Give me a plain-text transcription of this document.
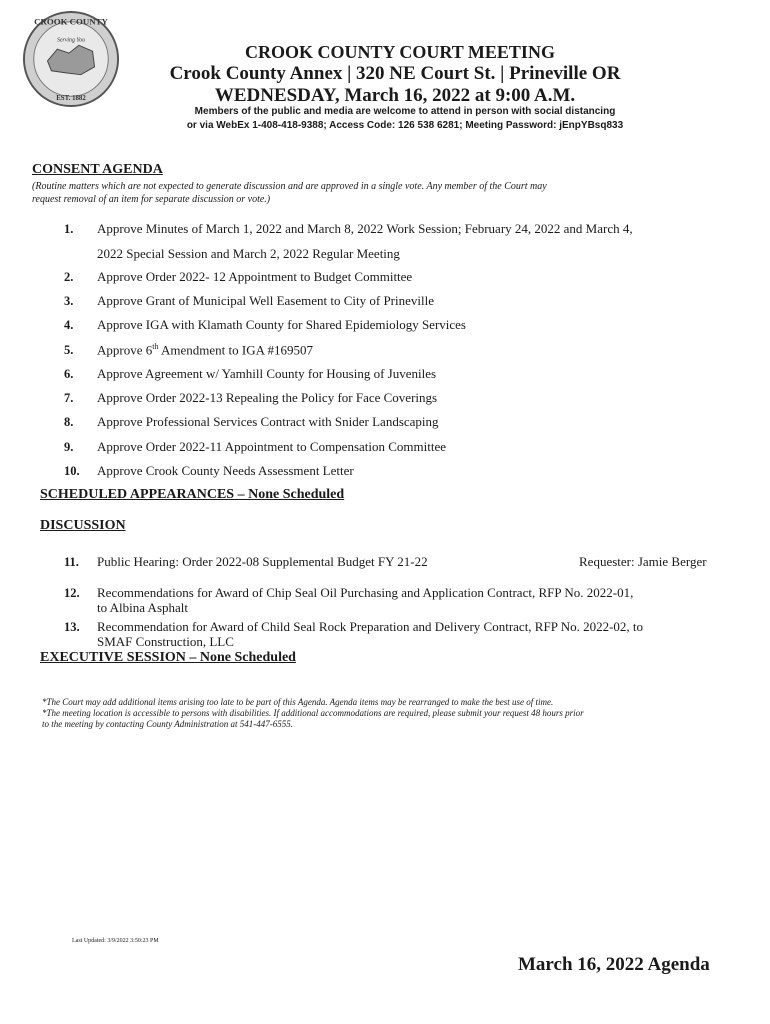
CROOK COUNTY
Serving You
EST. 1882
CROOK COUNTY COURT MEETING
Crook County Annex | 320 NE Court St. | Prineville OR
WEDNESDAY, March 16, 2022 at 9:00 A.M.
Members of the public and media are welcome to attend in person with social distancing
or via WebEx 1-408-418-9388; Access Code: 126 538 6281; Meeting Password: jEnpYBsq833
CONSENT AGENDA
(Routine matters which are not expected to generate discussion and are approved in a single vote. Any member of the Court may
request removal of an item for separate discussion or vote.)
1. Approve Minutes of March 1, 2022 and March 8, 2022 Work Session; February 24, 2022 and March 4,
2022 Special Session and March 2, 2022 Regular Meeting
2. Approve Order 2022- 12 Appointment to Budget Committee
3. Approve Grant of Municipal Well Easement to City of Prineville
4. Approve IGA with Klamath County for Shared Epidemiology Services
5. Approve 6th Amendment to IGA #169507
6. Approve Agreement w/ Yamhill County for Housing of Juveniles
7. Approve Order 2022-13 Repealing the Policy for Face Coverings
8. Approve Professional Services Contract with Snider Landscaping
9. Approve Order 2022-11 Appointment to Compensation Committee
10. Approve Crook County Needs Assessment Letter
SCHEDULED APPEARANCES – None Scheduled
DISCUSSION
11. Public Hearing: Order 2022-08 Supplemental Budget FY 21-22	Requester: Jamie Berger
12. Recommendations for Award of Chip Seal Oil Purchasing and Application Contract, RFP No. 2022-01,
to Albina Asphalt
13. Recommendation for Award of Child Seal Rock Preparation and Delivery Contract, RFP No. 2022-02, to
SMAF Construction, LLC
EXECUTIVE SESSION – None Scheduled
*The Court may add additional items arising too late to be part of this Agenda. Agenda items may be rearranged to make the best use of time.
*The meeting location is accessible to persons with disabilities. If additional accommodations are required, please submit your request 48 hours prior
to the meeting by contacting County Administration at 541-447-6555.
Last Updated: 3/9/2022 3:50:23 PM
March 16, 2022 Agenda
